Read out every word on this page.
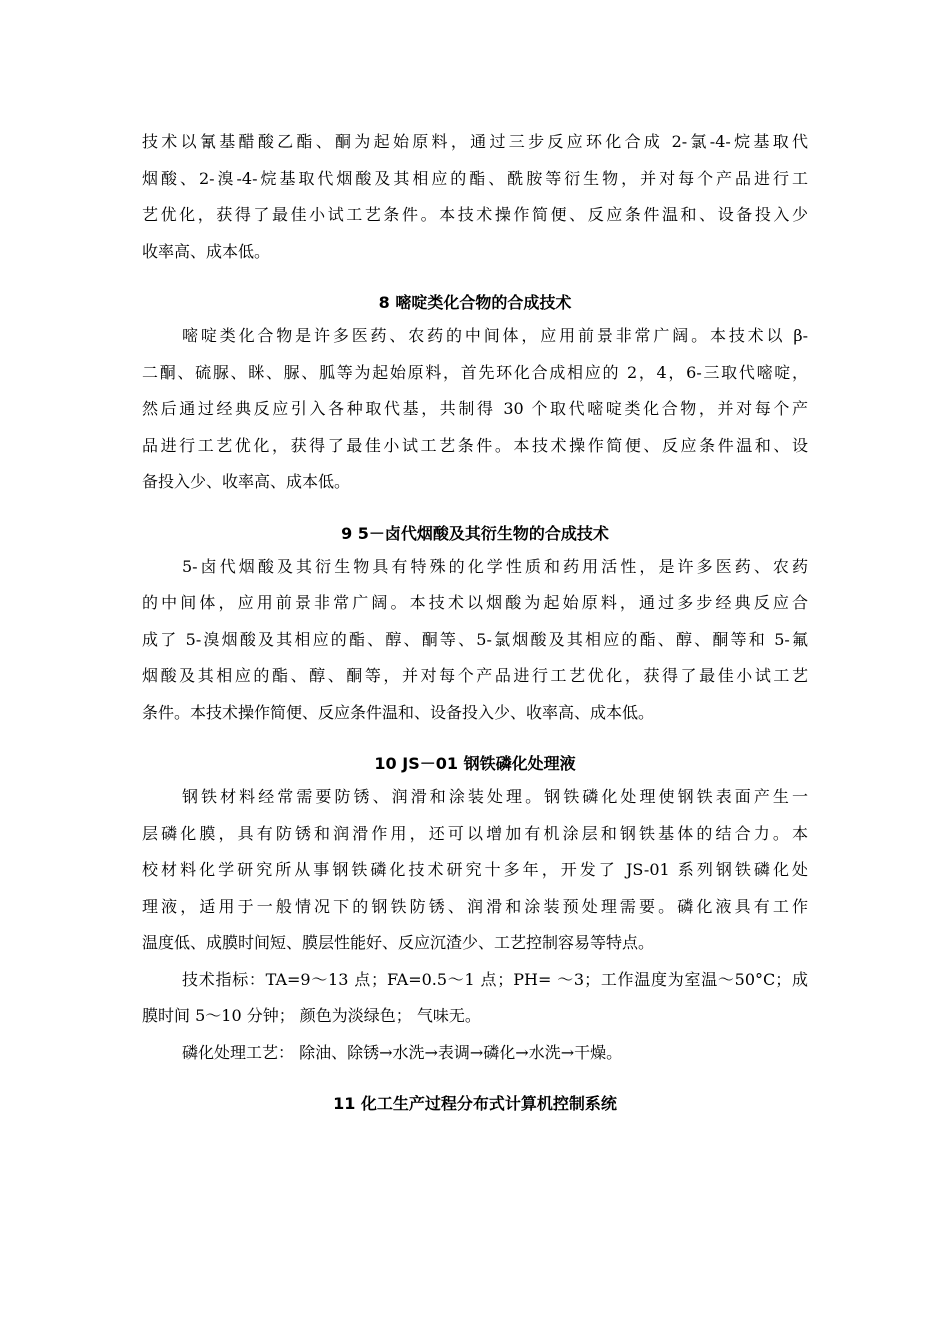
技术以氰基醋酸乙酯、酮为起始原料，通过三步反应环化合成 2-氯-4-烷基取代
烟酸、2-溴-4-烷基取代烟酸及其相应的酯、酰胺等衍生物，并对每个产品进行工
艺优化，获得了最佳小试工艺条件。本技术操作简便、反应条件温和、设备投入少
收率高、成本低。
8 嘧啶类化合物的合成技术
嘧啶类化合物是许多医药、农药的中间体，应用前景非常广阔。本技术以 β-
二酮、硫脲、眯、脲、胍等为起始原料，首先环化合成相应的 2，4，6-三取代嘧啶，
然后通过经典反应引入各种取代基，共制得 30 个取代嘧啶类化合物，并对每个产
品进行工艺优化，获得了最佳小试工艺条件。本技术操作简便、反应条件温和、设
备投入少、收率高、成本低。
9 5－卤代烟酸及其衍生物的合成技术
5-卤代烟酸及其衍生物具有特殊的化学性质和药用活性，是许多医药、农药
的中间体，应用前景非常广阔。本技术以烟酸为起始原料，通过多步经典反应合
成了 5-溴烟酸及其相应的酯、醇、酮等、5-氯烟酸及其相应的酯、醇、酮等和 5-氟
烟酸及其相应的酯、醇、酮等，并对每个产品进行工艺优化，获得了最佳小试工艺
条件。本技术操作简便、反应条件温和、设备投入少、收率高、成本低。
10 JS－01 钢铁磷化处理液
钢铁材料经常需要防锈、润滑和涂装处理。钢铁磷化处理使钢铁表面产生一
层磷化膜，具有防锈和润滑作用，还可以增加有机涂层和钢铁基体的结合力。本
校材料化学研究所从事钢铁磷化技术研究十多年，开发了 JS-01 系列钢铁磷化处
理液，适用于一般情况下的钢铁防锈、润滑和涂装预处理需要。磷化液具有工作
温度低、成膜时间短、膜层性能好、反应沉渣少、工艺控制容易等特点。
技术指标：TA=9～13 点；FA=0.5～1 点；PH= ～3；工作温度为室温～50°C；成
膜时间 5～10 分钟； 颜色为淡绿色； 气味无。
磷化处理工艺： 除油、除锈→水洗→表调→磷化→水洗→干燥。
11 化工生产过程分布式计算机控制系统
